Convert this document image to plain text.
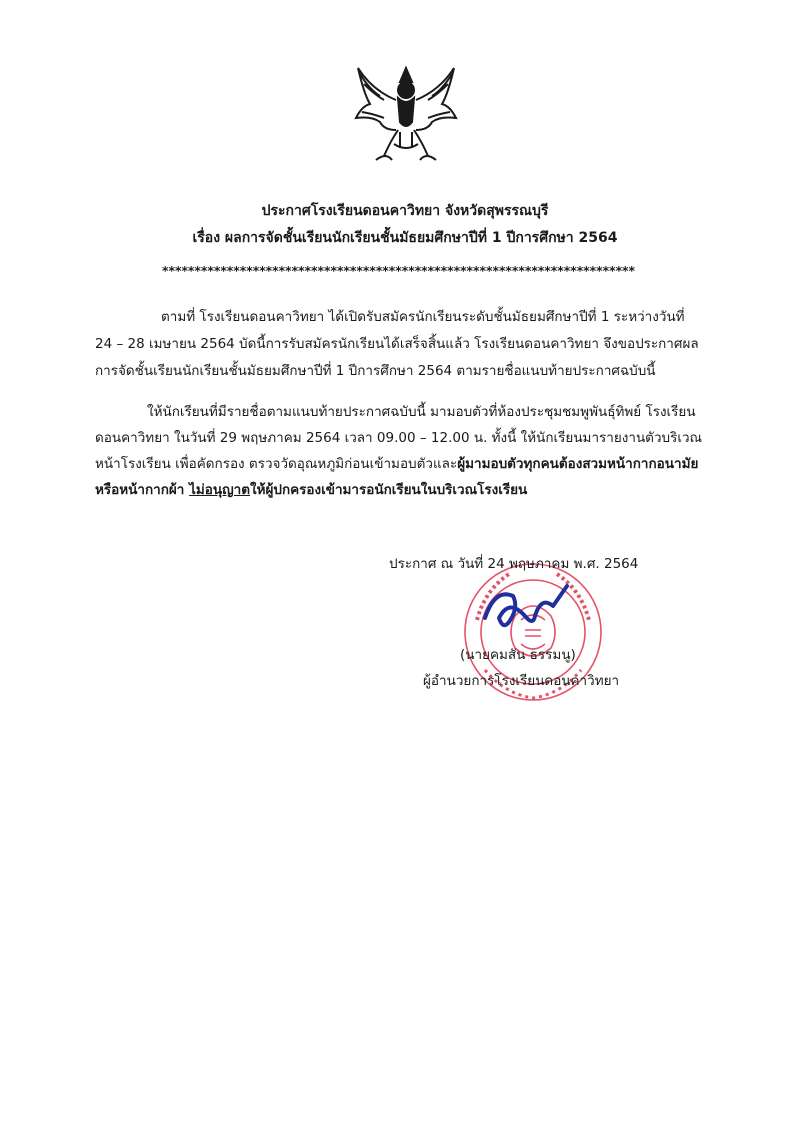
ประกาศโรงเรียนดอนคาวิทยา จังหวัดสุพรรณบุรี
เรื่อง ผลการจัดชั้นเรียนนักเรียนชั้นมัธยมศึกษาปีที่ 1 ปีการศึกษา 2564
*************************************************************************
ตามที่ โรงเรียนดอนคาวิทยา ได้เปิดรับสมัครนักเรียนระดับชั้นมัธยมศึกษาปีที่ 1 ระหว่างวันที่
24 – 28 เมษายน 2564 บัดนี้การรับสมัครนักเรียนได้เสร็จสิ้นแล้ว โรงเรียนดอนคาวิทยา จึงขอประกาศผล
การจัดชั้นเรียนนักเรียนชั้นมัธยมศึกษาปีที่ 1 ปีการศึกษา 2564 ตามรายชื่อแนบท้ายประกาศฉบับนี้
ให้นักเรียนที่มีรายชื่อตามแนบท้ายประกาศฉบับนี้ มามอบตัวที่ห้องประชุมชมพูพันธุ์ทิพย์ โรงเรียน
ดอนคาวิทยา ในวันที่ 29 พฤษภาคม 2564 เวลา 09.00 – 12.00 น. ทั้งนี้ ให้นักเรียนมารายงานตัวบริเวณ
หน้าโรงเรียน เพื่อคัดกรอง ตรวจวัดอุณหภูมิก่อนเข้ามอบตัวและผู้มามอบตัวทุกคนต้องสวมหน้ากากอนามัย
หรือหน้ากากผ้า ไม่อนุญาตให้ผู้ปกครองเข้ามารอนักเรียนในบริเวณโรงเรียน
ประกาศ ณ วันที่ 24 พฤษภาคม พ.ศ. 2564
(นายคมสัน ธรรมนู)
ผู้อำนวยการโรงเรียนดอนคาวิทยา
